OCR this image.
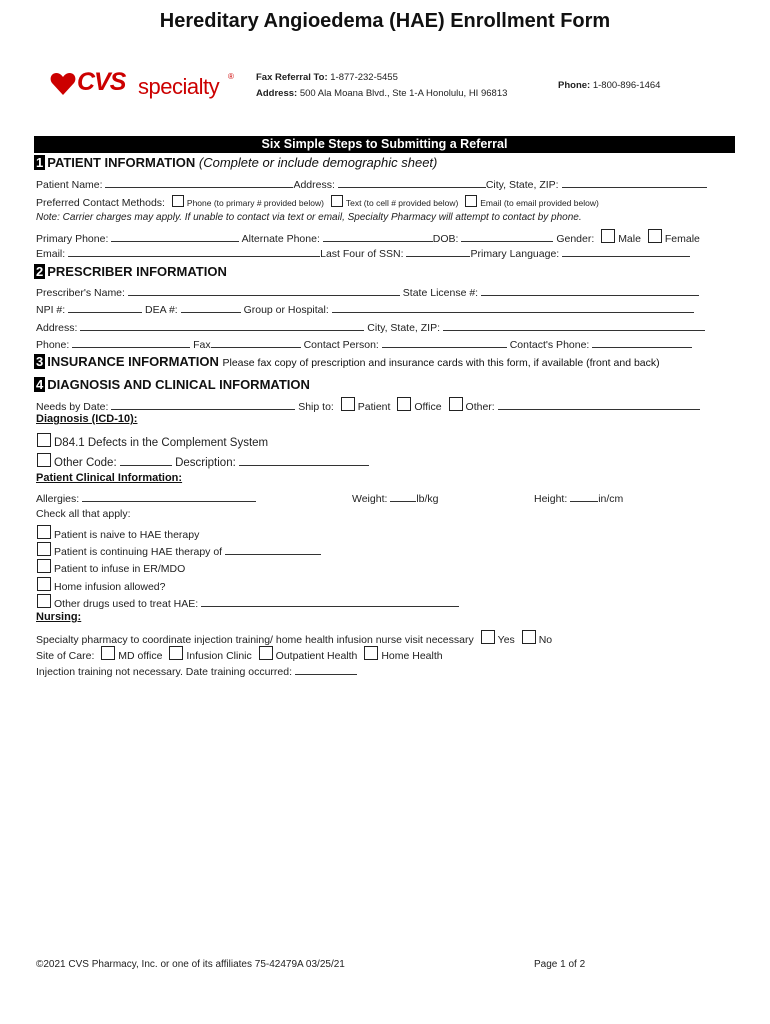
Hereditary Angioedema (HAE) Enrollment Form
CVS specialty ® Fax Referral To: 1-877-232-5455
Address: 500 Ala Moana Blvd., Ste 1-A Honolulu, HI 96813
Phone: 1-800-896-1464
Six Simple Steps to Submitting a Referral
1 PATIENT INFORMATION (Complete or include demographic sheet)
Patient Name:	Address:	City, State, ZIP:
Preferred Contact Methods:	Phone (to primary # provided below)	Text (to cell # provided below)	Email (to email provided below)
Note: Carrier charges may apply. If unable to contact via text or email, Specialty Pharmacy will attempt to contact by phone.
Primary Phone:	Alternate Phone:	DOB:	Gender: Male Female
Email:	Last Four of SSN:	Primary Language:
2 PRESCRIBER INFORMATION
Prescriber's Name:	State License #:
NPI #:	DEA #:	Group or Hospital:
Address:	City, State, ZIP:
Phone:	Fax	Contact Person:	Contact's Phone:
3 INSURANCE INFORMATION Please fax copy of prescription and insurance cards with this form, if available (front and back)
4 DIAGNOSIS AND CLINICAL INFORMATION
Needs by Date:	Ship to: Patient Office Other:
Diagnosis (ICD-10):
D84.1 Defects in the Complement System
Other Code:	Description:
Patient Clinical Information:
Allergies:	Weight:	lb/kg	Height:	in/cm
Check all that apply:
Patient is naive to HAE therapy
Patient is continuing HAE therapy of
Patient to infuse in ER/MDO
Home infusion allowed?
Other drugs used to treat HAE:
Nursing:
Specialty pharmacy to coordinate injection training/ home health infusion nurse visit necessary Yes No
Site of Care: MD office Infusion Clinic Outpatient Health Home Health
Injection training not necessary. Date training occurred:
©2021 CVS Pharmacy, Inc. or one of its affiliates 75-42479A 03/25/21	Page 1 of 2
